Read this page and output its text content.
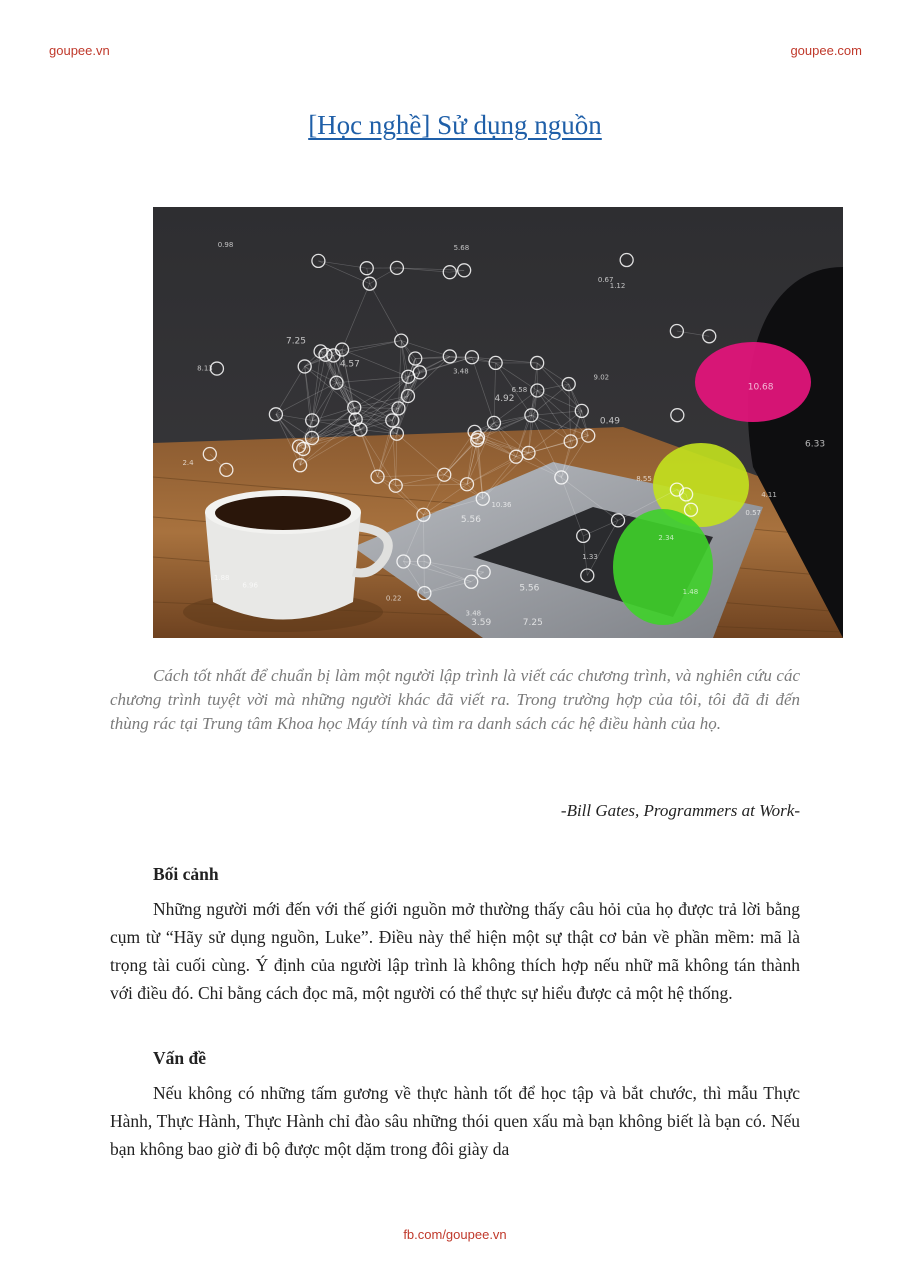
goupee.vn	goupee.com
[Học nghề] Sử dụng nguồn
5.56
0.22
8.55
4.57
1.88
0.98
7.25
2.4
3.48
5.56
6.58
6.96
0.49
4.11
3.48
10.68
10.36
1.48
7.25
1.33
5.68
6.33
9.02
2.34
4.92
0.57
8.13
3.59
0.67
1.12
Cách tốt nhất để chuẩn bị làm một người lập trình là viết các chương trình, và nghiên cứu các chương trình tuyệt vời mà những người khác đã viết ra. Trong trường hợp của tôi, tôi đã đi đến thùng rác tại Trung tâm Khoa học Máy tính và tìm ra danh sách các hệ điều hành của họ.
-Bill Gates, Programmers at Work-
Bối cảnh
Những người mới đến với thế giới nguồn mở thường thấy câu hỏi của họ được trả lời bằng cụm từ “Hãy sử dụng nguồn, Luke”. Điều này thể hiện một sự thật cơ bản về phần mềm: mã là trọng tài cuối cùng. Ý định của người lập trình là không thích hợp nếu nhữ mã không tán thành với điều đó. Chỉ bằng cách đọc mã, một người có thể thực sự hiểu được cả một hệ thống.
Vấn đề
Nếu không có những tấm gương về thực hành tốt để học tập và bắt chước, thì mẫu Thực Hành, Thực Hành, Thực Hành chỉ đào sâu những thói quen xấu mà bạn không biết là bạn có. Nếu bạn không bao giờ đi bộ được một dặm trong đôi giày da
fb.com/goupee.vn
